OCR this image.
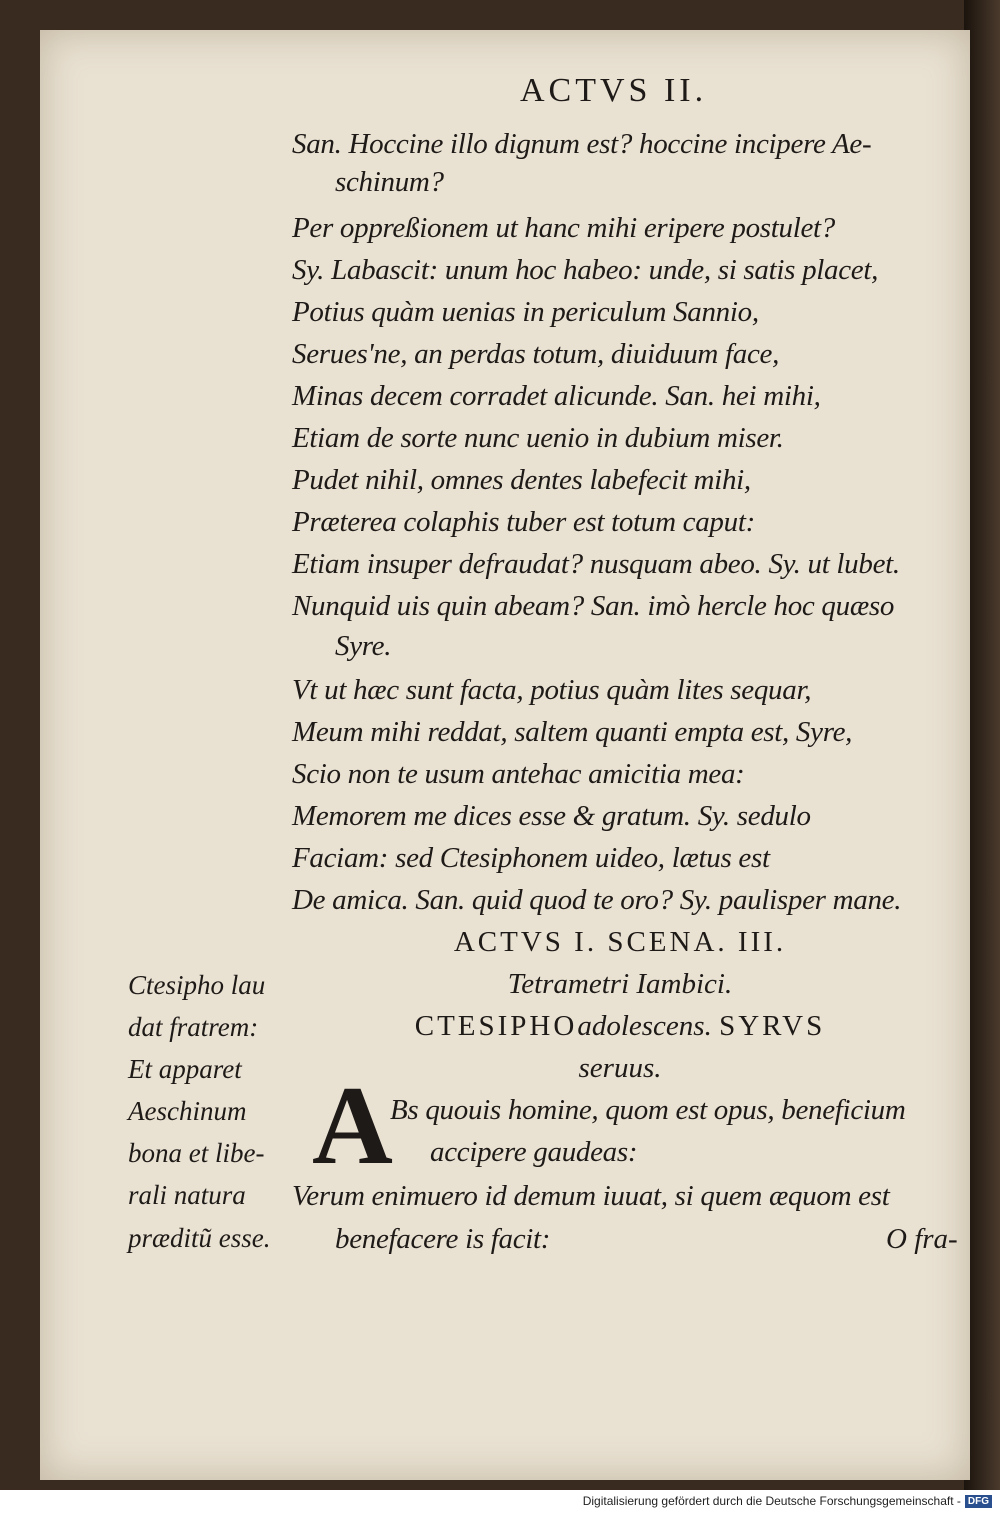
ACTVS II.
San. Hoccine illo dignum est? hoccine incipere Ae-
schinum?
Per oppreßionem ut hanc mihi eripere postulet?
Sy. Labascit: unum hoc habeo: unde, si satis placet,
Potius quàm uenias in periculum Sannio,
Serues'ne, an perdas totum, diuiduum face,
Minas decem corradet alicunde. San. hei mihi,
Etiam de sorte nunc uenio in dubium miser.
Pudet nihil, omnes dentes labefecit mihi,
Præterea colaphis tuber est totum caput:
Etiam insuper defraudat? nusquam abeo. Sy. ut lubet.
Nunquid uis quin abeam? San. imò hercle hoc quæso
Syre.
Vt ut hæc sunt facta, potius quàm lites sequar,
Meum mihi reddat, saltem quanti empta est, Syre,
Scio non te usum antehac amicitia mea:
Memorem me dices esse & gratum. Sy. sedulo
Faciam: sed Ctesiphonem uideo, lætus est
De amica. San. quid quod te oro? Sy. paulisper mane.
ACTVS I. SCENA. III.
Tetrametri Iambici.
CTESIPHOadolescens. SYRVS
seruus.
A
Bs quouis homine, quom est opus, beneficium
accipere gaudeas:
Verum enimuero id demum iuuat, si quem æquom est
benefacere is facit:	O fra-
Ctesipho lau
dat fratrem:
Et apparet
Aeschinum
bona et libe-
rali natura
præditũ esse.
Digitalisierung gefördert durch die Deutsche Forschungsgemeinschaft - DFG
